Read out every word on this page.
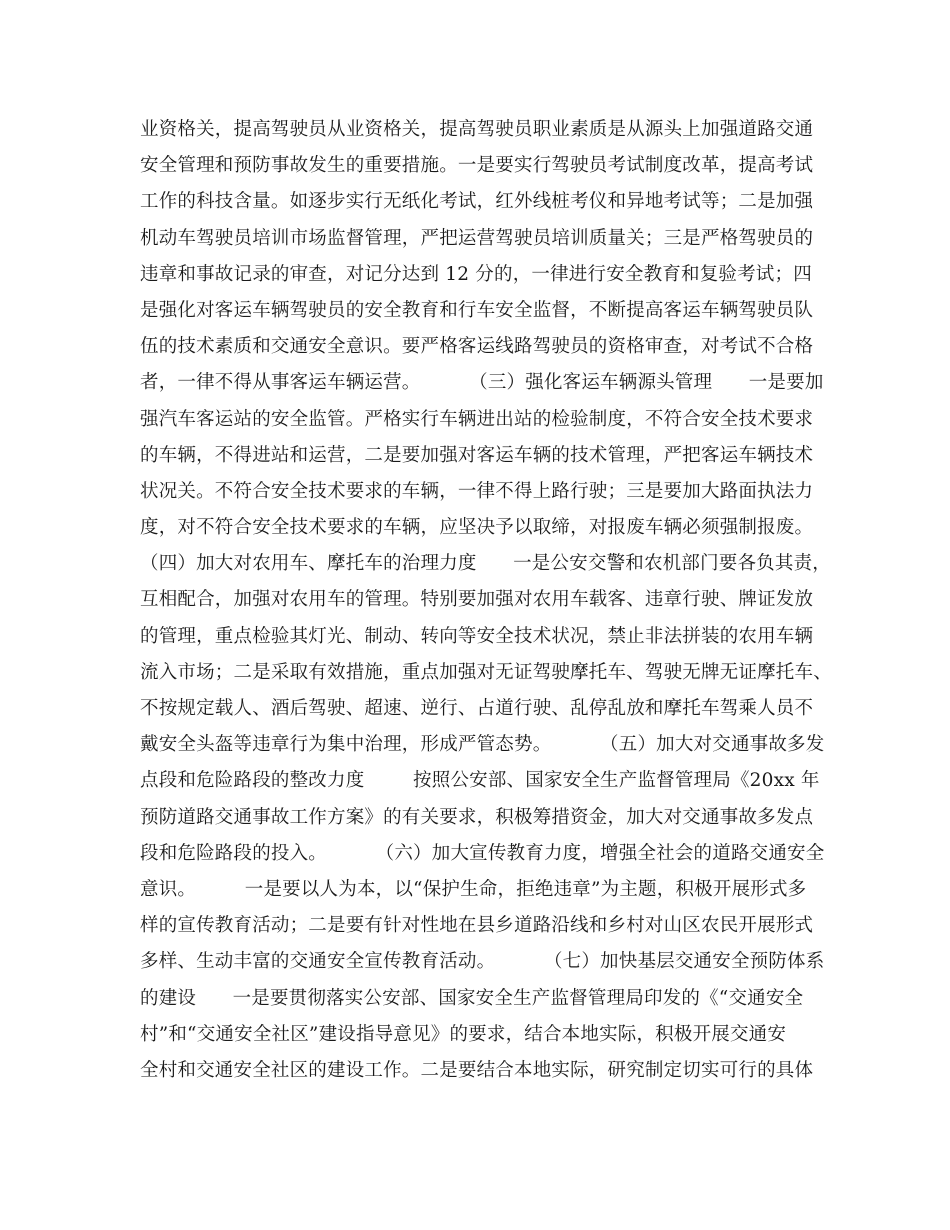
业资格关，提高驾驶员从业资格关，提高驾驶员职业素质是从源头上加强道路交通
安全管理和预防事故发生的重要措施。一是要实行驾驶员考试制度改革，提高考试
工作的科技含量。如逐步实行无纸化考试，红外线桩考仪和异地考试等；二是加强
机动车驾驶员培训市场监督管理，严把运营驾驶员培训质量关；三是严格驾驶员的
违章和事故记录的审查，对记分达到 12 分的，一律进行安全教育和复验考试；四
是强化对客运车辆驾驶员的安全教育和行车安全监督，不断提高客运车辆驾驶员队
伍的技术素质和交通安全意识。要严格客运线路驾驶员的资格审查，对考试不合格
者，一律不得从事客运车辆运营。        （三）强化客运车辆源头管理      一是要加
强汽车客运站的安全监管。严格实行车辆进出站的检验制度，不符合安全技术要求
的车辆，不得进站和运营，二是要加强对客运车辆的技术管理，严把客运车辆技术
状况关。不符合安全技术要求的车辆，一律不得上路行驶；三是要加大路面执法力
度，对不符合安全技术要求的车辆，应坚决予以取缔，对报废车辆必须强制报废。
（四）加大对农用车、摩托车的治理力度      一是公安交警和农机部门要各负其责，
互相配合，加强对农用车的管理。特别要加强对农用车载客、违章行驶、牌证发放
的管理，重点检验其灯光、制动、转向等安全技术状况，禁止非法拼装的农用车辆
流入市场；二是采取有效措施，重点加强对无证驾驶摩托车、驾驶无牌无证摩托车、
不按规定载人、酒后驾驶、超速、逆行、占道行驶、乱停乱放和摩托车驾乘人员不
戴安全头盔等违章行为集中治理，形成严管态势。        （五）加大对交通事故多发
点段和危险路段的整改力度        按照公安部、国家安全生产监督管理局《20xx 年
预防道路交通事故工作方案》的有关要求，积极筹措资金，加大对交通事故多发点
段和危险路段的投入。        （六）加大宣传教育力度，增强全社会的道路交通安全
意识。        一是要以人为本，以“保护生命，拒绝违章”为主题，积极开展形式多
样的宣传教育活动；二是要有针对性地在县乡道路沿线和乡村对山区农民开展形式
多样、生动丰富的交通安全宣传教育活动。        （七）加快基层交通安全预防体系
的建设      一是要贯彻落实公安部、国家安全生产监督管理局印发的《“交通安全
村”和“交通安全社区”建设指导意见》的要求，结合本地实际，积极开展交通安
全村和交通安全社区的建设工作。二是要结合本地实际，研究制定切实可行的具体
